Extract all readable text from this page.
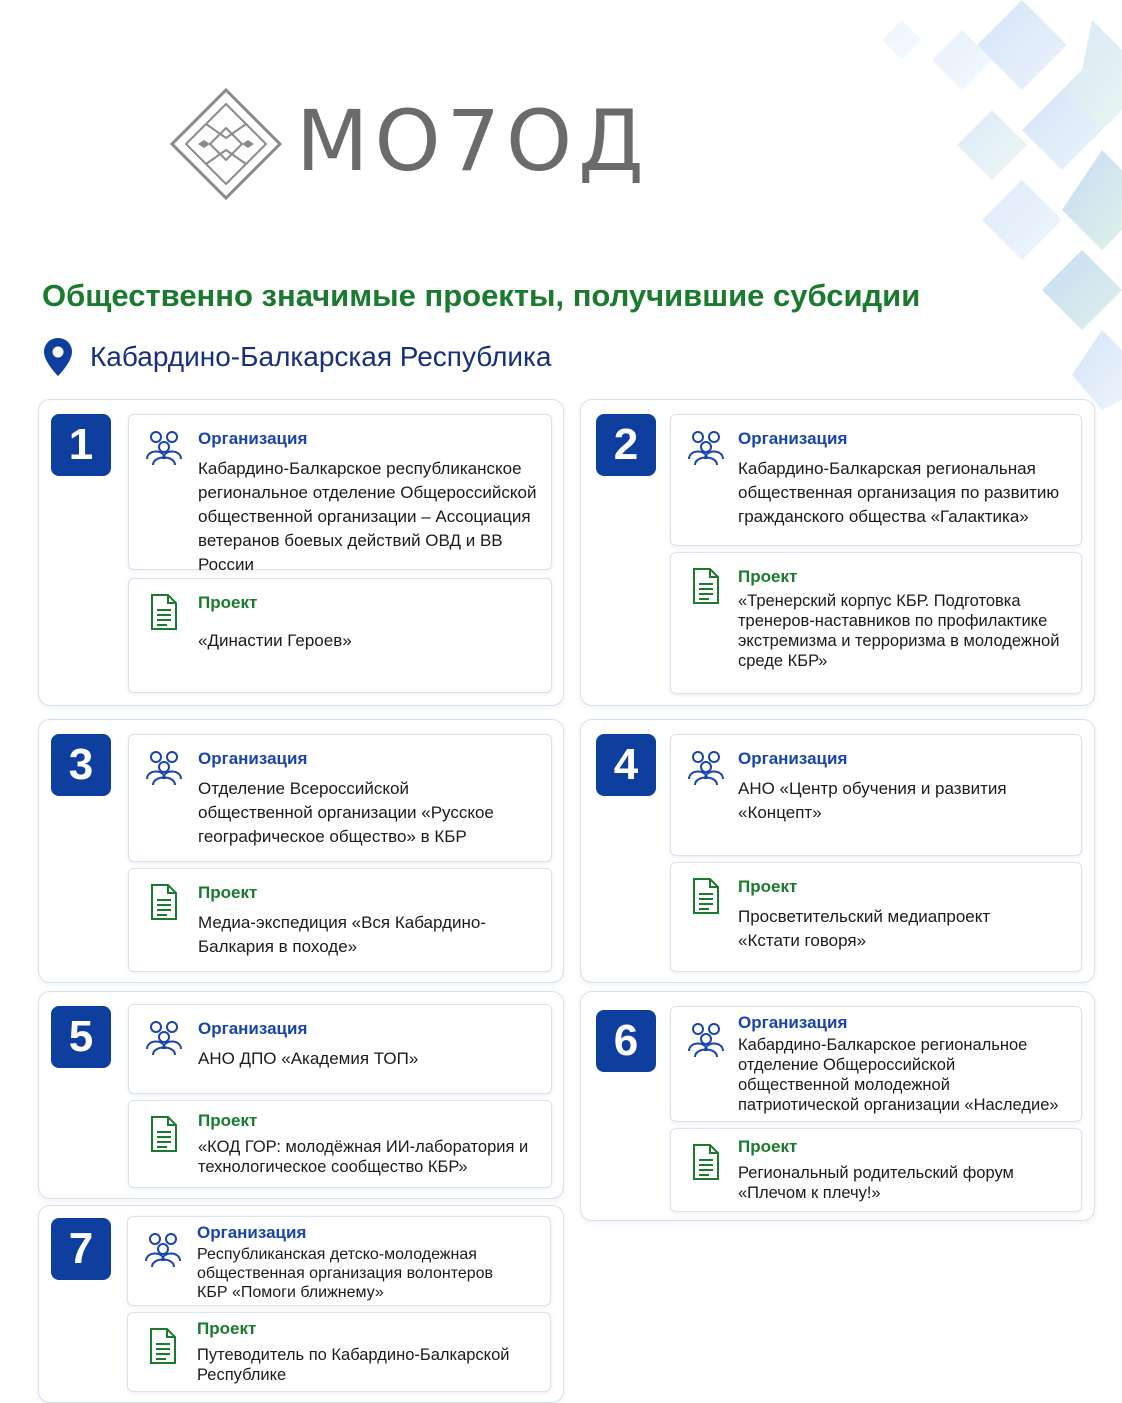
МО7ОД
Общественно значимые проекты, получившие субсидии
Кабардино-Балкарская Республика
1	Организация
Кабардино-Балкарское республиканское региональное отделение Общероссийской общественной организации – Ассоциация ветеранов боевых действий ОВД и ВВ России
Проект
«Династии Героев»
2	Организация
Кабардино-Балкарская региональная общественная организация по развитию гражданского общества «Галактика»
Проект
«Тренерский корпус КБР. Подготовка тренеров-наставников по профилактике экстремизма и терроризма в молодежной среде КБР»
3	Организация
Отделение Всероссийской общественной организации «Русское географическое общество» в КБР
Проект
Медиа-экспедиция «Вся Кабардино-Балкария в походе»
4	Организация
АНО «Центр обучения и развития «Концепт»
Проект
Просветительский медиапроект «Кстати говоря»
5	Организация
АНО ДПО «Академия ТОП»
Проект
«КОД ГОР: молодёжная ИИ-лаборатория и технологическое сообщество КБР»
6	Организация
Кабардино-Балкарское региональное отделение Общероссийской общественной молодежной патриотической организации «Наследие»
Проект
Региональный родительский форум «Плечом к плечу!»
7	Организация
Республиканская детско-молодежная общественная организация волонтеров КБР «Помоги ближнему»
Проект
Путеводитель по Кабардино-Балкарской Республике
